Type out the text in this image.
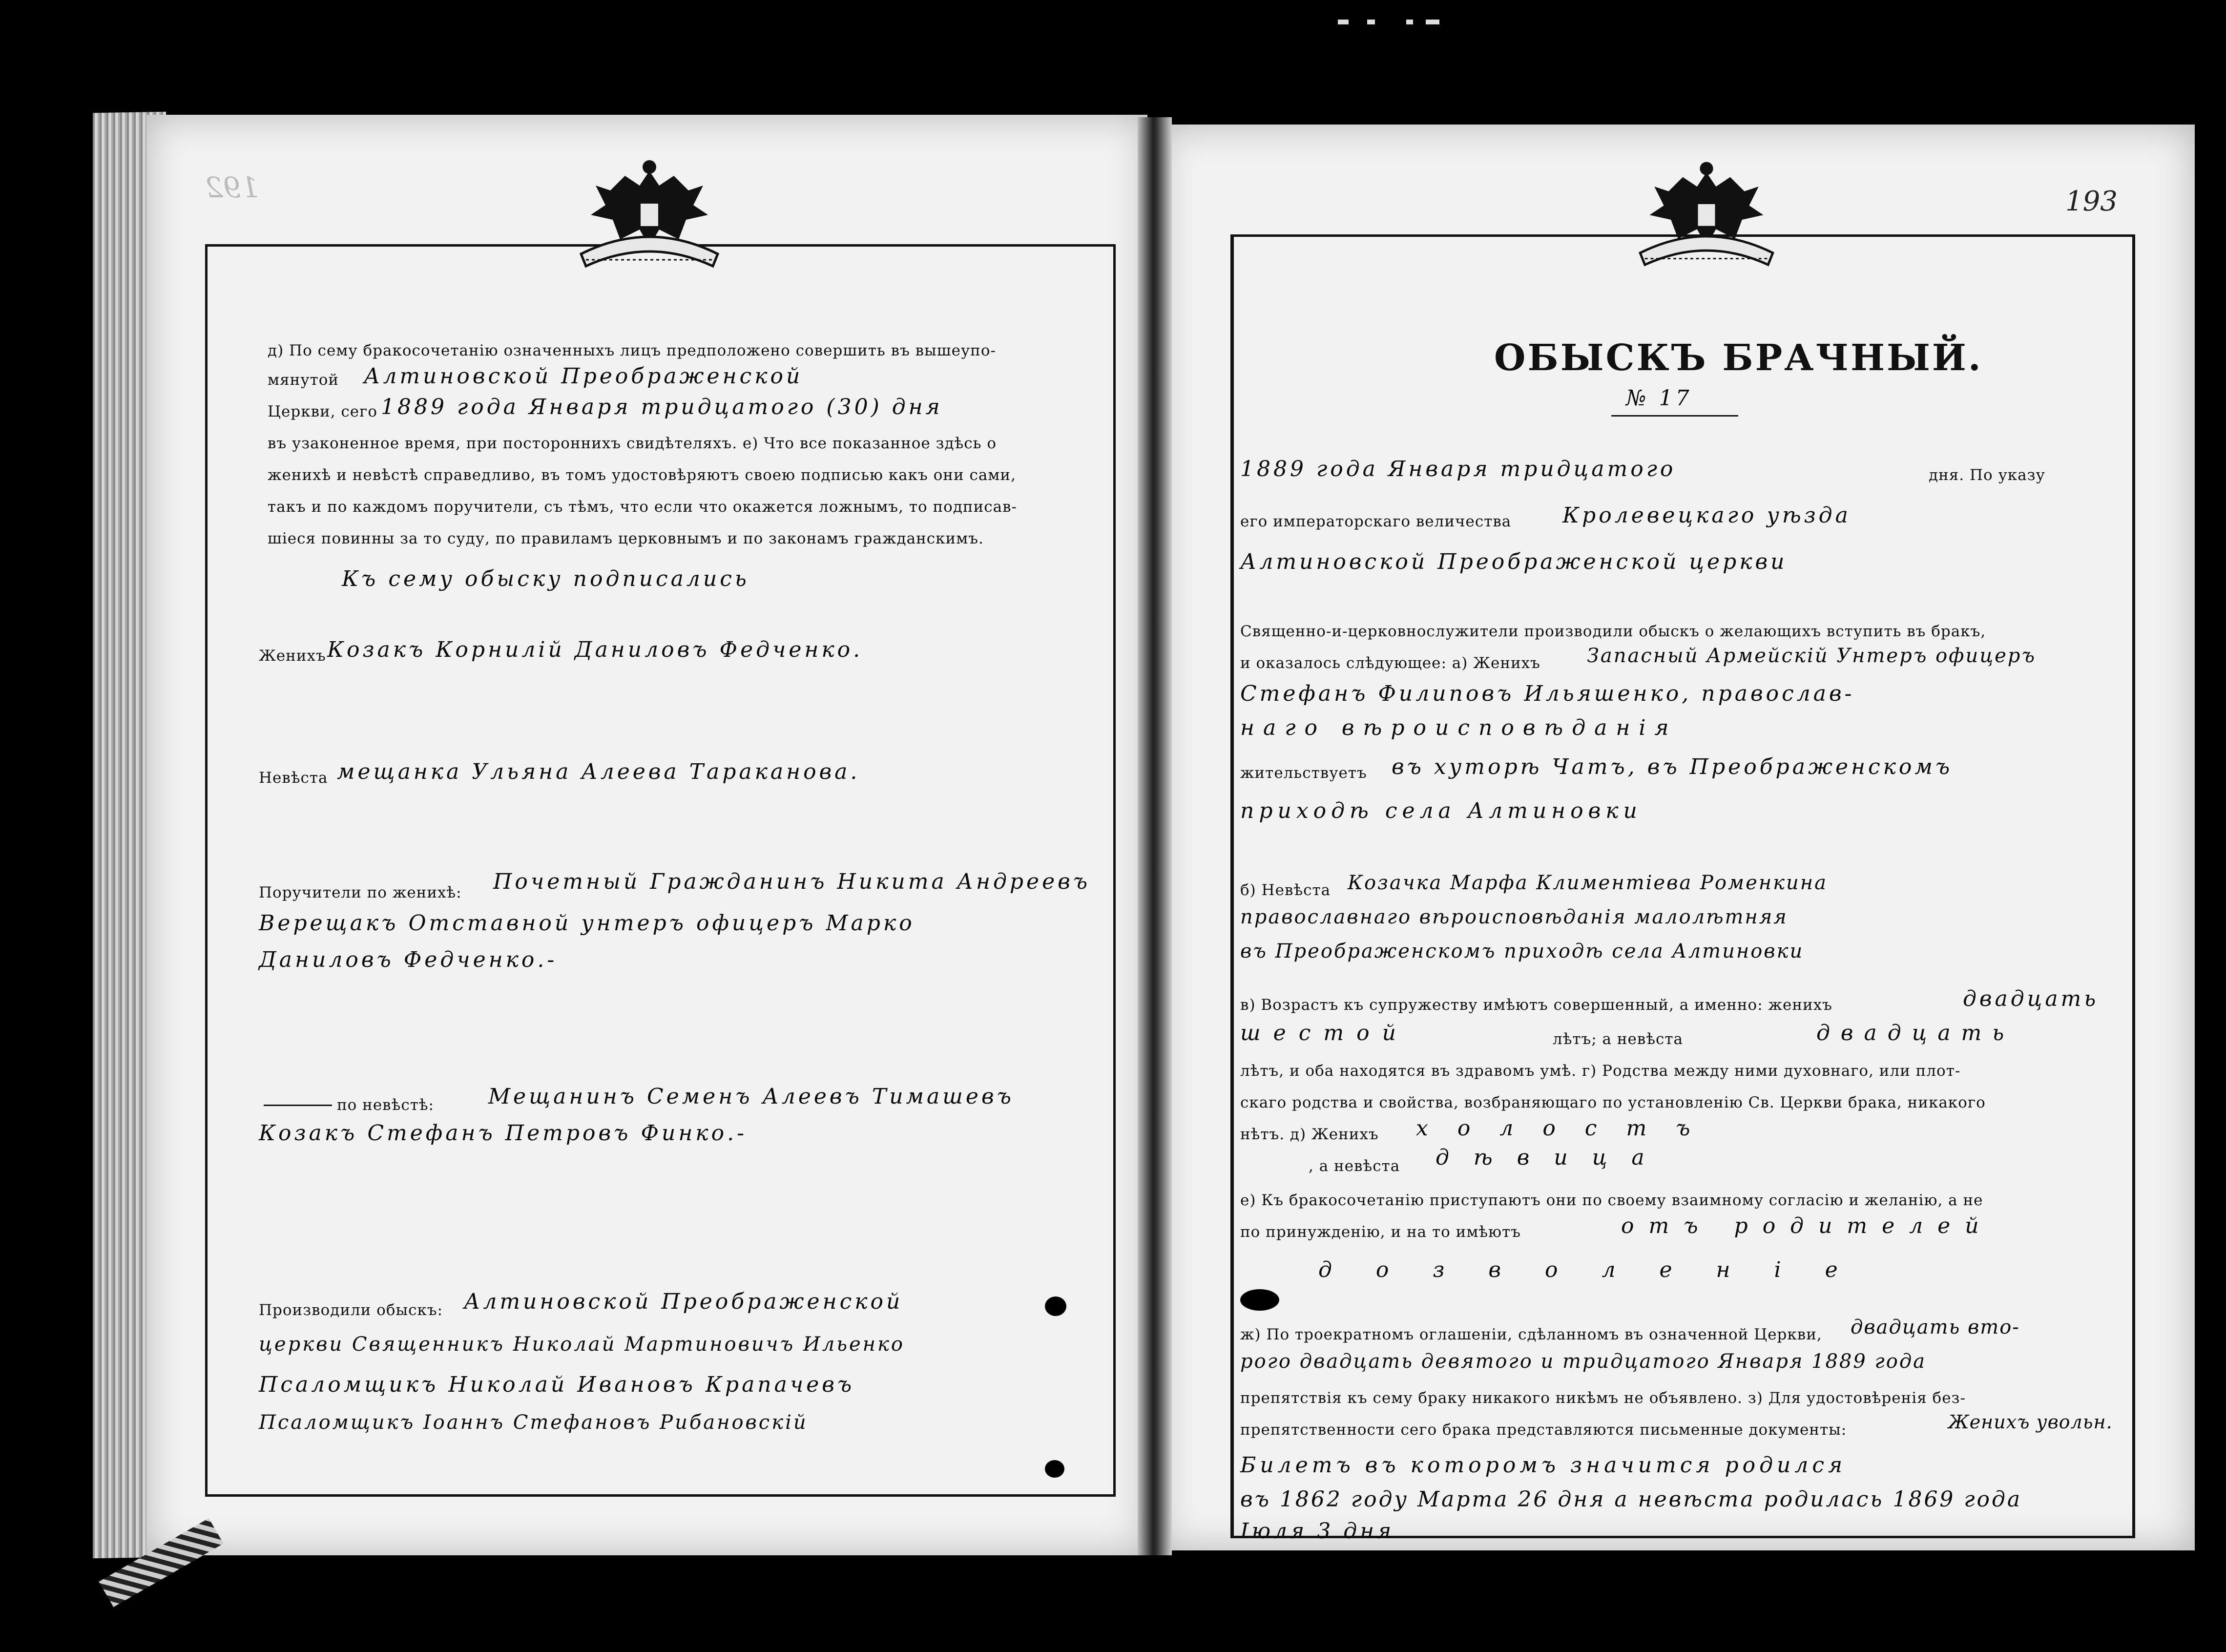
192
д) По сему бракосочетанію означенныхъ лицъ предположено совершить въ вышеупо-
мянутой Алтиновской Преображенской
Церкви, сего 1889 года Января тридцатого (30) дня
въ узаконенное время, при постороннихъ свидѣтеляхъ. е) Что все показанное здѣсь о
женихѣ и невѣстѣ справедливо, въ томъ удостовѣряютъ своею подписью какъ они сами,
такъ и по каждомъ поручители, съ тѣмъ, что если что окажется ложнымъ, то подписав-
шіеся повинны за то суду, по правиламъ церковнымъ и по законамъ гражданскимъ.
Къ сему обыску подписались
Женихъ Козакъ Корнилій Даниловъ Федченко.
Невѣста мещанка Ульяна Алеева Тараканова.
Поручители по женихѣ: Почетный Гражданинъ Никита Андреевъ
Верещакъ Отставной унтеръ офицеръ Марко
Даниловъ Федченко.-
по невѣстѣ:	Мещанинъ Семенъ Алеевъ Тимашевъ
Козакъ Стефанъ Петровъ Финко.-
Производили обыскъ: Алтиновской Преображенской
церкви Священникъ Николай Мартиновичъ Ильенко
Псаломщикъ Николай Ивановъ Крапачевъ
Псаломщикъ Іоаннъ Стефановъ Рибановскій
193
ОБЫСКЪ БРАЧНЫЙ.
№ 17
1889 года Января тридцатого	дня. По указу
его императорскаго величества Кролевецкаго уѣзда
Алтиновской Преображенской церкви
Священно-и-церковнослужители производили обыскъ о желающихъ вступить въ бракъ,
и оказалось слѣдующее: а) Женихъ Запасный Армейскій Унтеръ офицеръ
Стефанъ Филиповъ Ильяшенко, православ-
наго вѣроисповѣданія
жительствуетъ въ хуторѣ Чатъ, въ Преображенскомъ
приходѣ села Алтиновки
б) Невѣста Козачка Марфа Климентіева Роменкина
православнаго вѣроисповѣданія малолѣтняя
въ Преображенскомъ приходѣ села Алтиновки
в) Возрастъ къ супружеству имѣютъ совершенный, а именно: женихъ	двадцать
шестой	лѣтъ; а невѣста	двадцать
лѣтъ, и оба находятся въ здравомъ умѣ. г) Родства между ними духовнаго, или плот-
скаго родства и свойства, возбраняющаго по установленію Св. Церкви брака, никакого
нѣтъ. д) Женихъ холостъ
, а невѣста дѣвица
е) Къ бракосочетанію приступаютъ они по своему взаимному согласію и желанію, а не
по принужденію, и на то имѣютъ	отъ родителей
дозволеніе
ж) По троекратномъ оглашеніи, сдѣланномъ въ означенной Церкви, двадцать вто-
рого двадцать девятого и тридцатого Января 1889 года
препятствія къ сему браку никакого никѣмъ не объявлено. з) Для удостовѣренія без-
препятственности сего брака представляются письменные документы:	Женихъ увольн.
Билетъ въ которомъ значится родился
въ 1862 году Марта 26 дня а невѣста родилась 1869 года
Іюля 3 дня
